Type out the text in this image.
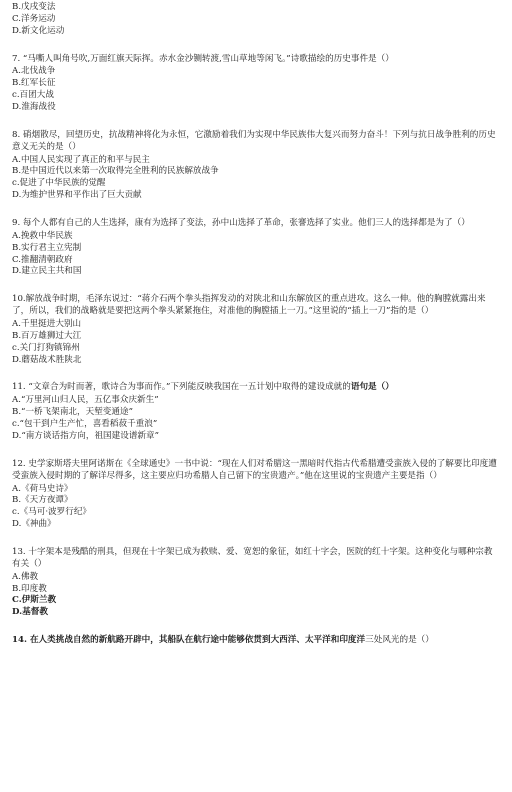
B.戊戌变法

C.洋务运动

D.新文化运动

7. “马嘶人叫角号吹,万面红旗天际挥。赤水金沙铡转渡,雪山草地等闲飞。”诗歌描绘的历史事件是（）

A.北伐战争

B.红军长征

c.百团大战

D.淮海战役

8. 硝烟散尽，回望历史，抗战精神将化为永恒，它激励着我们为实现中华民族伟大复兴而努力奋斗！下列与抗日战争胜利的历史意义无关的是（）

A.中国人民实现了真正的和平与民主

B.是中国近代以来第一次取得完全胜利的民族解放战争

c.促进了中华民族的觉醒

D.为维护世界和平作出了巨大贡献

9. 每个人都有自己的人生选择，康有为选择了变法，孙中山选择了革命，张謇选择了实业。他们三人的选择都是为了（）

A.挽救中华民族

B.实行君主立宪制

C.推翻清朝政府

D.建立民主共和国

10.解放战争时期，毛泽东说过：“蒋介石两个拳头指挥发动的对陕北和山东解放区的重点进攻。这么一伸。他的胸膛就露出来了，所以，我们的战略就是要把这两个拳头紧紧拖住，对准他的胸膛插上一刀。”这里说的“插上一刀”指的是（）

A.千里挺进大别山

B.百万雄狮过大江

c.关门打狗镇锦州

D.蘑菇战术胜陕北

11. “文章合为时而著，歌诗合为事而作。”下列能反映我国在一五计划中取得的建设成就的语句是（）

A.“万里河山归人民，五亿事众庆新生”

B.“一桥飞架南北，天堑变通途”

c.“包干到户生产忙，喜看稻菽千重浪”

D.“南方谈话指方向，祖国建设谱新章”

12. 史学家斯塔夫里阿诺斯在《全球通史》一书中说：“现在人们对希腊这一黑暗时代指古代希腊遭受蛮族入侵的了解要比印度遭受蛮族入侵时期的了解详尽得多，这主要应归功希腊人自己留下的宝贵遗产。”他在这里说的宝贵遗产主要是指（）

A.《荷马史诗》

B.《天方夜谭》

c.《马可·波罗行纪》

D.《神曲》

13. 十字架本是残酷的刑具，但现在十字架已成为救赎、爱、宽恕的象征，如红十字会，医院的红十字架。这种变化与哪种宗教有关（）

A.佛教

B.印度教

C.伊斯兰教

D.基督教

14. 在人类挑战自然的新航路开辟中，其船队在航行途中能够依贯到大西洋、太平洋和印度洋三处风光的是（）
